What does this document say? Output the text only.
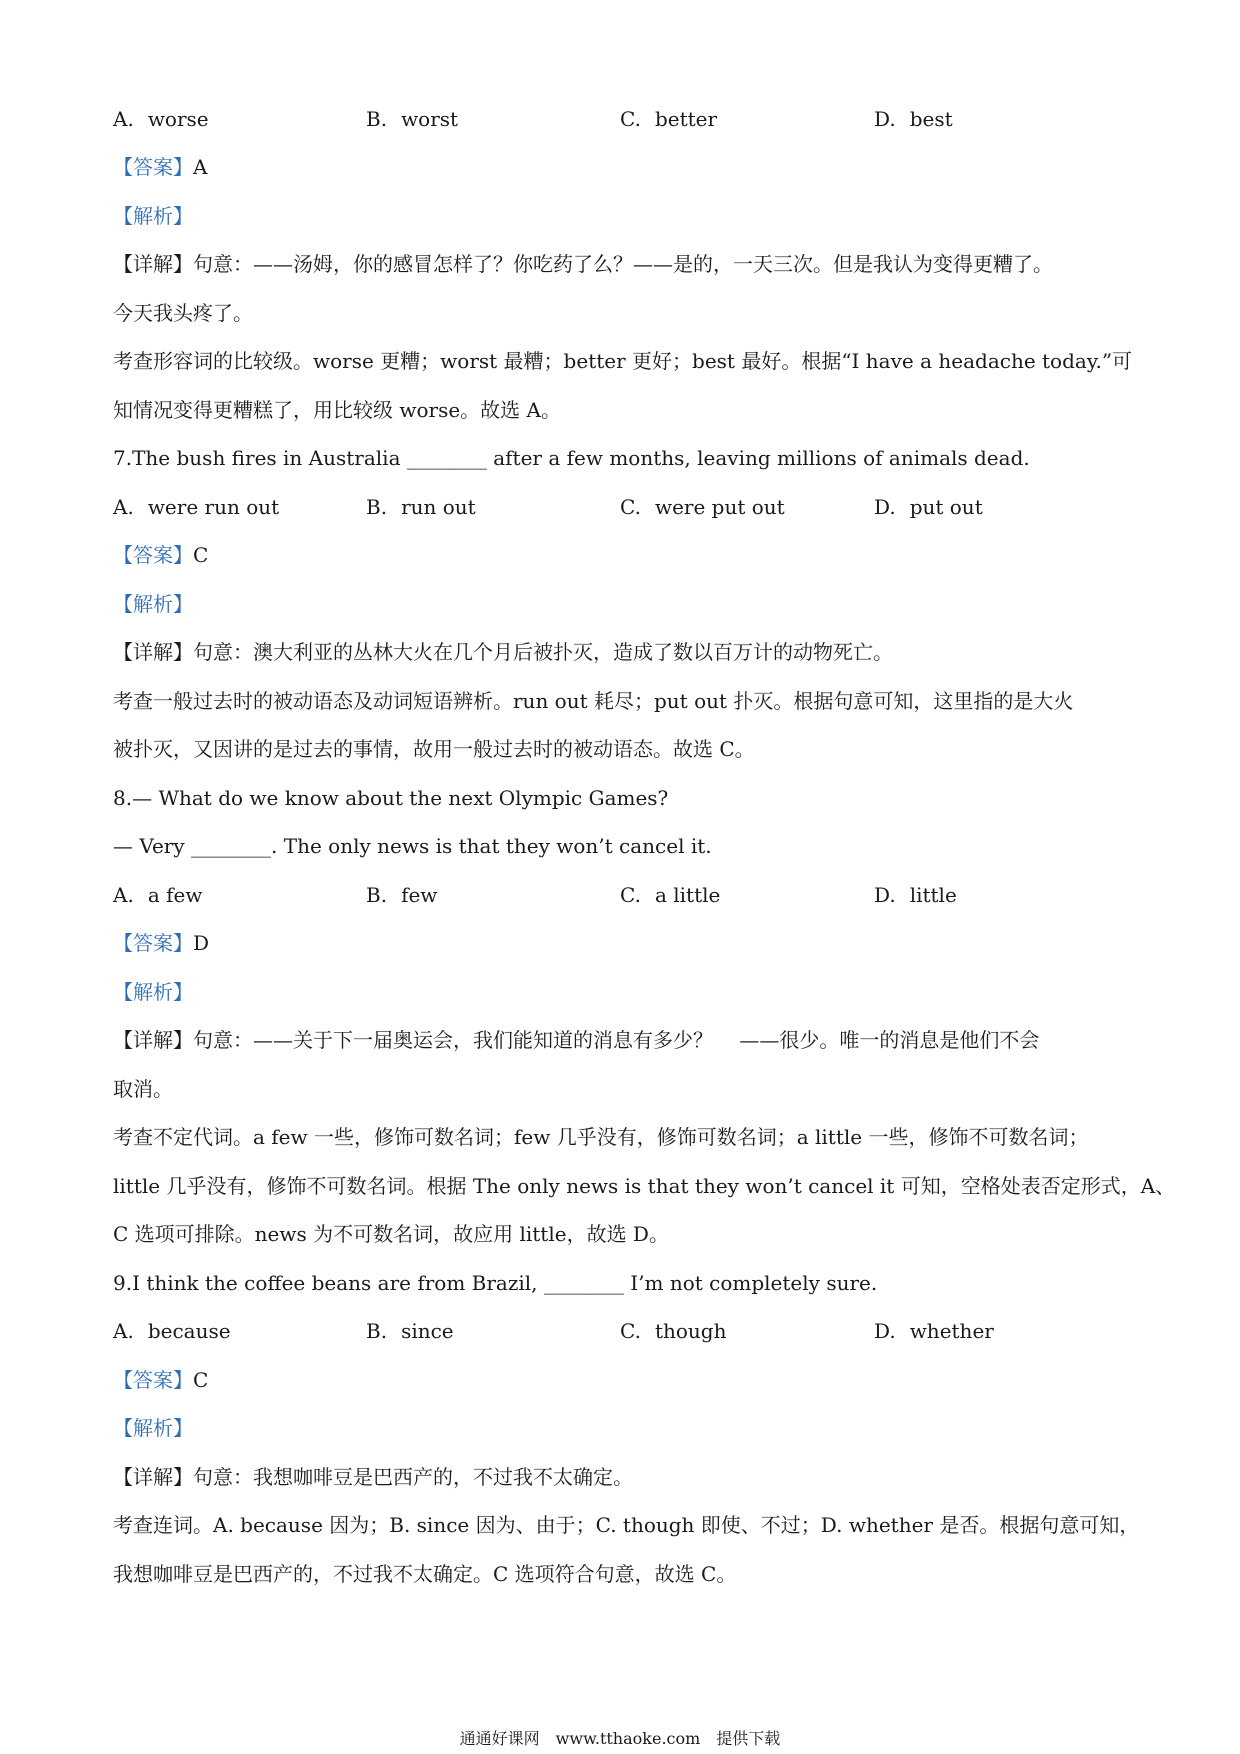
A. worse	B. worst	C. better	D. best
【答案】A
【解析】
【详解】句意：——汤姆，你的感冒怎样了？你吃药了么？——是的，一天三次。但是我认为变得更糟了。
今天我头疼了。
考查形容词的比较级。worse 更糟；worst 最糟；better 更好；best 最好。根据“I have a headache today.”可
知情况变得更糟糕了，用比较级 worse。故选 A。
7.The bush fires in Australia ________ after a few months, leaving millions of animals dead.
A. were run out	B. run out	C. were put out	D. put out
【答案】C
【解析】
【详解】句意：澳大利亚的丛林大火在几个月后被扑灭，造成了数以百万计的动物死亡。
考查一般过去时的被动语态及动词短语辨析。run out 耗尽；put out 扑灭。根据句意可知，这里指的是大火
被扑灭，又因讲的是过去的事情，故用一般过去时的被动语态。故选 C。
8.— What do we know about the next Olympic Games?
— Very ________. The only news is that they won’t cancel it.
A. a few	B. few	C. a little	D. little
【答案】D
【解析】
【详解】句意：——关于下一届奥运会，我们能知道的消息有多少？ 　——很少。唯一的消息是他们不会
取消。
考查不定代词。a few 一些，修饰可数名词；few 几乎没有，修饰可数名词；a little 一些，修饰不可数名词；
little 几乎没有，修饰不可数名词。根据 The only news is that they won’t cancel it 可知，空格处表否定形式，A、
C 选项可排除。news 为不可数名词，故应用 little，故选 D。
9.I think the coffee beans are from Brazil, ________ I’m not completely sure.
A. because	B. since	C. though	D. whether
【答案】C
【解析】
【详解】句意：我想咖啡豆是巴西产的，不过我不太确定。
考查连词。A. because 因为；B. since 因为、由于；C. though 即使、不过；D. whether 是否。根据句意可知，
我想咖啡豆是巴西产的，不过我不太确定。C 选项符合句意，故选 C。
通通好课网　www.tthaoke.com　提供下载
